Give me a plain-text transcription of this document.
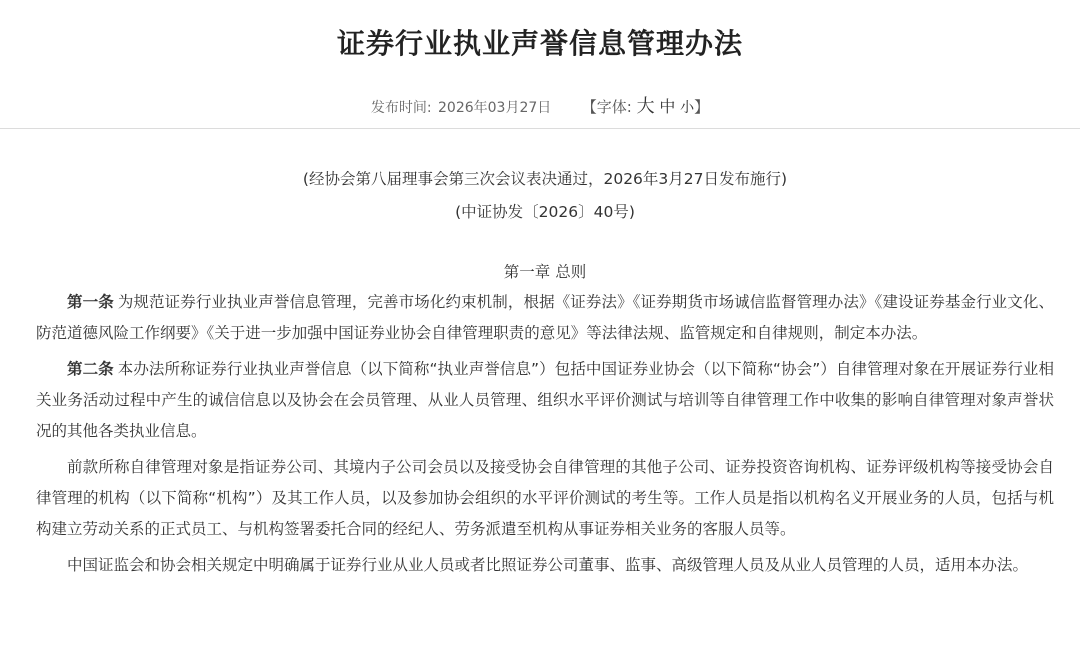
证券行业执业声誉信息管理办法
发布时间: 2026年03月27日 【字体: 大 中 小】
(经协会第八届理事会第三次会议表决通过，2026年3月27日发布施行)
(中证协发〔2026〕40号)
第一章 总则

第一条 为规范证券行业执业声誉信息管理，完善市场化约束机制，根据《证券法》《证券期货市场诚信监督管理办法》《建设证券基金行业文化、防范道德风险工作纲要》《关于进一步加强中国证券业协会自律管理职责的意见》等法律法规、监管规定和自律规则，制定本办法。

第二条 本办法所称证券行业执业声誉信息（以下简称“执业声誉信息”）包括中国证券业协会（以下简称“协会”）自律管理对象在开展证券行业相关业务活动过程中产生的诚信信息以及协会在会员管理、从业人员管理、组织水平评价测试与培训等自律管理工作中收集的影响自律管理对象声誉状况的其他各类执业信息。

前款所称自律管理对象是指证券公司、其境内子公司会员以及接受协会自律管理的其他子公司、证券投资咨询机构、证券评级机构等接受协会自律管理的机构（以下简称“机构”）及其工作人员，以及参加协会组织的水平评价测试的考生等。工作人员是指以机构名义开展业务的人员，包括与机构建立劳动关系的正式员工、与机构签署委托合同的经纪人、劳务派遣至机构从事证券相关业务的客服人员等。

中国证监会和协会相关规定中明确属于证券行业从业人员或者比照证券公司董事、监事、高级管理人员及从业人员管理的人员，适用本办法。
